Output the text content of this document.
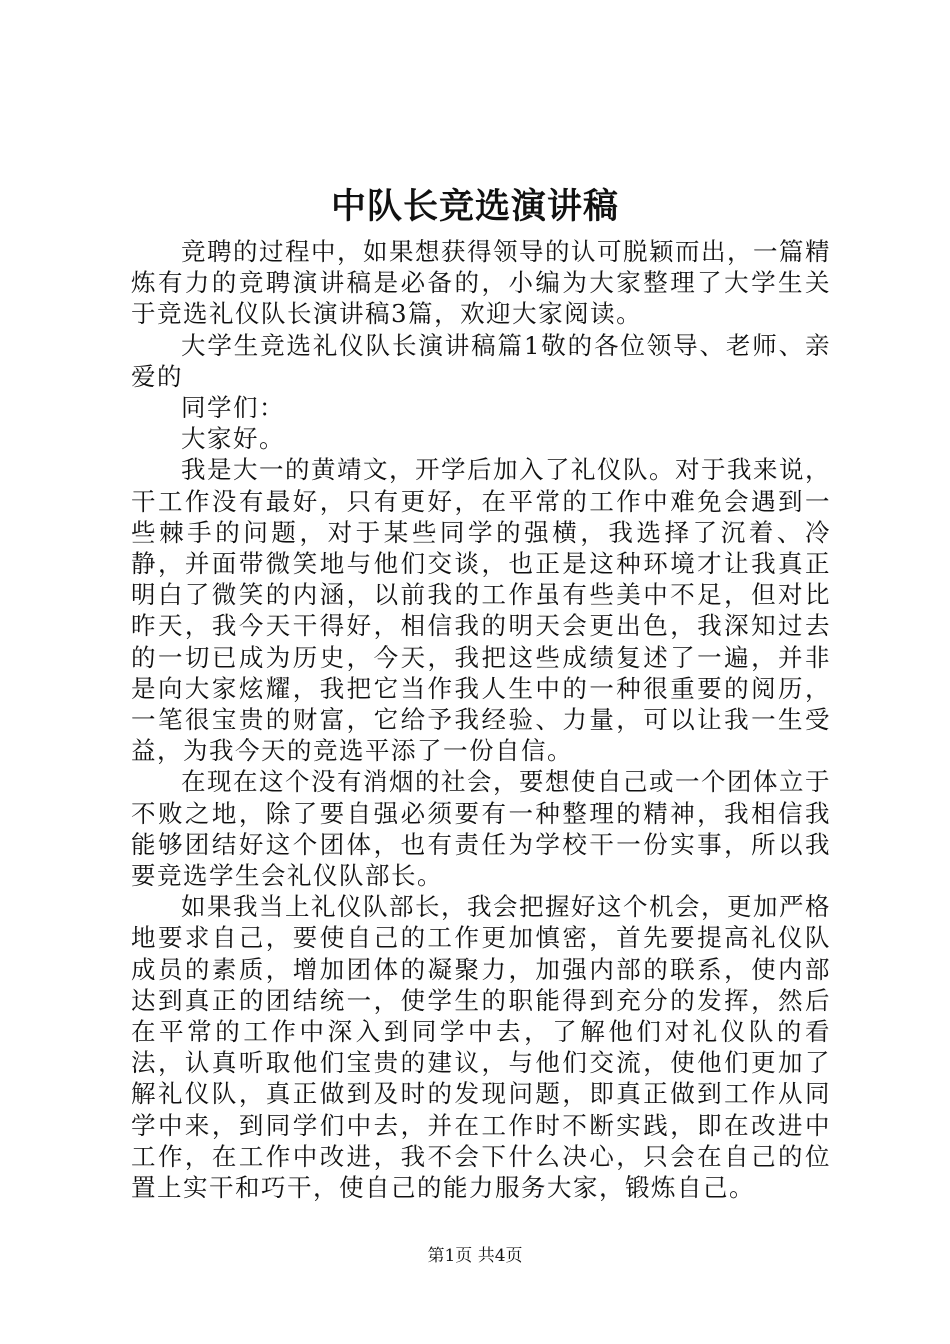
中队长竞选演讲稿

竞聘的过程中，如果想获得领导的认可脱颖而出，一篇精炼有力的竞聘演讲稿是必备的，小编为大家整理了大学生关于竞选礼仪队长演讲稿3篇，欢迎大家阅读。

大学生竞选礼仪队长演讲稿篇1敬的各位领导、老师、亲爱的

同学们：

大家好。

我是大一的黄靖文，开学后加入了礼仪队。对于我来说，干工作没有最好，只有更好，在平常的工作中难免会遇到一些棘手的问题，对于某些同学的强横，我选择了沉着、冷静，并面带微笑地与他们交谈，也正是这种环境才让我真正明白了微笑的内涵，以前我的工作虽有些美中不足，但对比昨天，我今天干得好，相信我的明天会更出色，我深知过去的一切已成为历史，今天，我把这些成绩复述了一遍，并非是向大家炫耀，我把它当作我人生中的一种很重要的阅历，一笔很宝贵的财富，它给予我经验、力量，可以让我一生受益，为我今天的竞选平添了一份自信。

在现在这个没有消烟的社会，要想使自己或一个团体立于不败之地，除了要自强必须要有一种整理的精神，我相信我能够团结好这个团体，也有责任为学校干一份实事，所以我要竞选学生会礼仪队部长。

如果我当上礼仪队部长，我会把握好这个机会，更加严格地要求自己，要使自己的工作更加慎密，首先要提高礼仪队成员的素质，增加团体的凝聚力，加强内部的联系，使内部达到真正的团结统一，使学生的职能得到充分的发挥，然后在平常的工作中深入到同学中去，了解他们对礼仪队的看法，认真听取他们宝贵的建议，与他们交流，使他们更加了解礼仪队，真正做到及时的发现问题，即真正做到工作从同学中来，到同学们中去，并在工作时不断实践，即在改进中工作，在工作中改进，我不会下什么决心，只会在自己的位置上实干和巧干，使自己的能力服务大家，锻炼自己。

第1页 共4页
